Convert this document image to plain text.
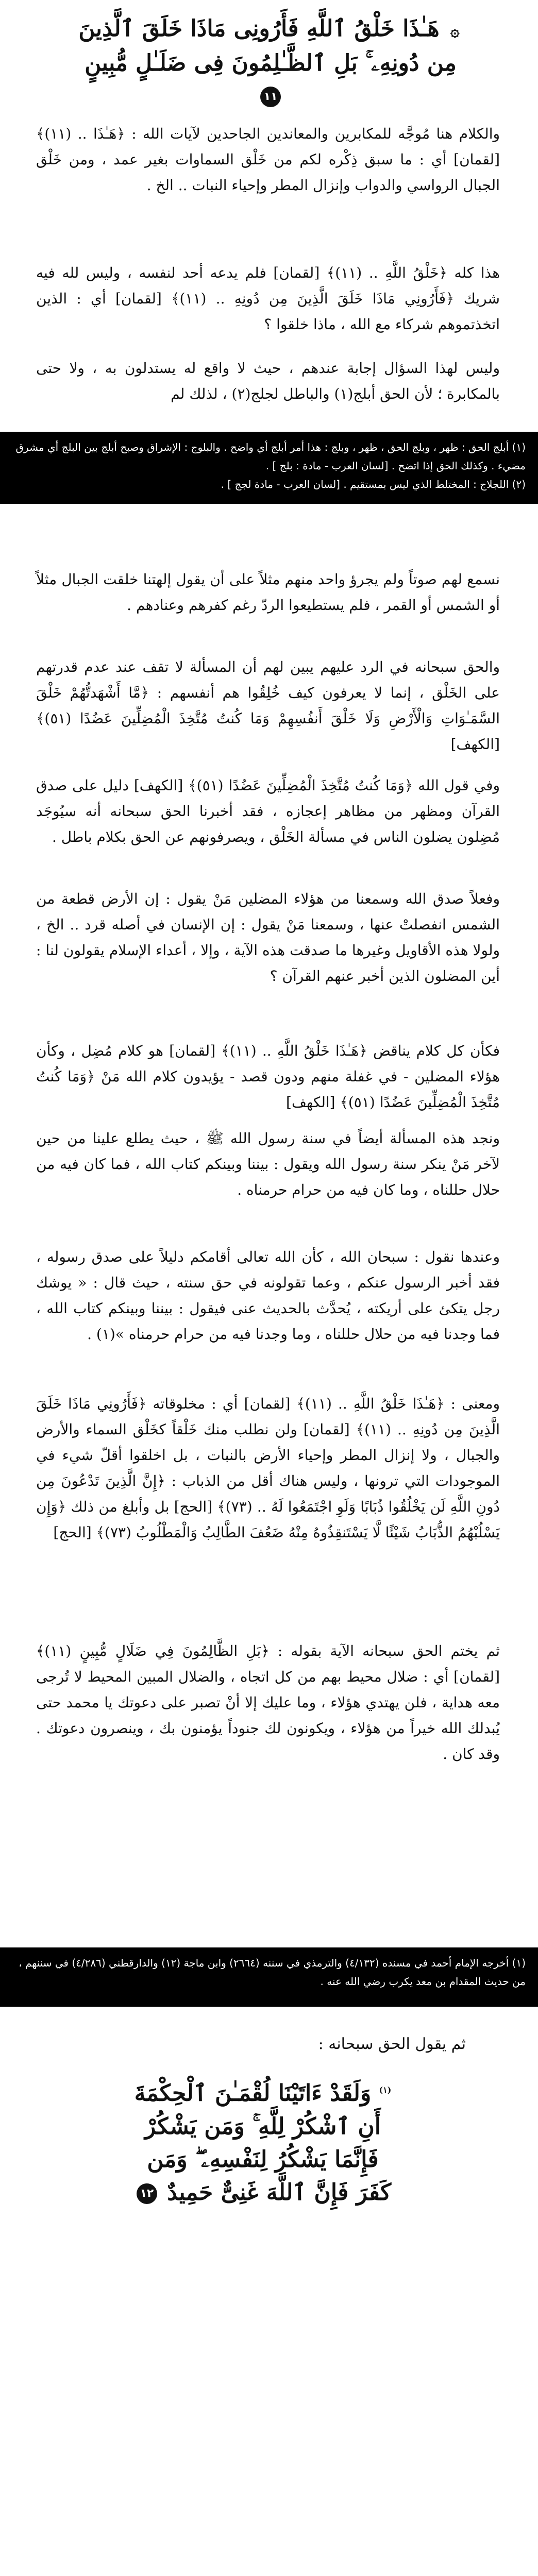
۞ هَـٰذَا خَلْقُ ٱللَّهِ فَأَرُونِى مَاذَا خَلَقَ ٱلَّذِينَ مِن دُونِهِۦ ۚ بَلِ ٱلظَّـٰلِمُونَ فِى ضَلَـٰلٍ مُّبِينٍ ١١
والكلام هنا مُوجَّه للمكابرين والمعاندين الجاحدين لآيات الله : ﴿هَـٰذَا .. (١١)﴾ [لقمان] أي : ما سبق ذِكْره لكم من خَلْق السماوات بغير عمد ، ومن خَلْق الجبال الرواسي والدواب وإنزال المطر وإحياء النبات .. الخ .
هذا كله ﴿خَلْقُ اللَّهِ .. (١١)﴾ [لقمان] فلم يدعه أحد لنفسه ، وليس لله فيه شريك ﴿فَأَرُونِي مَاذَا خَلَقَ الَّذِينَ مِن دُونِهِ .. (١١)﴾ [لقمان] أي : الذين اتخذتموهم شركاء مع الله ، ماذا خلقوا ؟
وليس لهذا السؤال إجابة عندهم ، حيث لا واقع له يستدلون به ، ولا حتى بالمكابرة ؛ لأن الحق أبلج(١) والباطل لجلج(٢) ، لذلك لم
(١) أبلج الحق : ظهر ، وبلج الحق ، ظهر ، وبلج : هذا أمر أبلج أي واضح . والبلوج : الإشراق وصبح أبلج بين البلج أي مشرق مضيء . وكذلك الحق إذا اتضح . [لسان العرب - مادة : بلج ] .
(٢) اللجلاج : المختلط الذي ليس بمستقيم . [لسان العرب - مادة لجج ] .
نسمع لهم صوتاً ولم يجرؤ واحد منهم مثلاً على أن يقول إلهتنا خلقت الجبال مثلاً أو الشمس أو القمر ، فلم يستطيعوا الردّ رغم كفرهم وعنادهم .
والحق سبحانه في الرد عليهم يبين لهم أن المسألة لا تقف عند عدم قدرتهم على الخَلْق ، إنما لا يعرفون كيف خُلِقُوا هم أنفسهم : ﴿مَّا أَشْهَدتُّهُمْ خَلْقَ السَّمَـٰوَاتِ وَالْأَرْضِ وَلَا خَلْقَ أَنفُسِهِمْ وَمَا كُنتُ مُتَّخِذَ الْمُضِلِّينَ عَضُدًا (٥١)﴾ [الكهف]
وفي قول الله ﴿وَمَا كُنتُ مُتَّخِذَ الْمُضِلِّينَ عَضُدًا (٥١)﴾ [الكهف] دليل على صدق القرآن ومظهر من مظاهر إعجازه ، فقد أخبرنا الحق سبحانه أنه سيُوجَد مُضِلون يضلون الناس في مسألة الخَلْق ، ويصرفونهم عن الحق بكلام باطل .
وفعلاً صدق الله وسمعنا من هؤلاء المضلين مَنْ يقول : إن الأرض قطعة من الشمس انفصلتْ عنها ، وسمعنا مَنْ يقول : إن الإنسان في أصله قرد .. الخ ، ولولا هذه الأقاويل وغيرها ما صدقت هذه الآية ، وإلا ، أعداء الإسلام يقولون لنا : أين المضلون الذين أخبر عنهم القرآن ؟
فكأن كل كلام يناقض ﴿هَـٰذَا خَلْقُ اللَّهِ .. (١١)﴾ [لقمان] هو كلام مُضِل ، وكأن هؤلاء المضلين - في غفلة منهم ودون قصد - يؤيدون كلام الله مَنْ ﴿وَمَا كُنتُ مُتَّخِذَ الْمُضِلِّينَ عَضُدًا (٥١)﴾ [الكهف]
ونجد هذه المسألة أيضاً في سنة رسول الله ﷺ ، حيث يطلع علينا من حين لآخر مَنْ ينكر سنة رسول الله ويقول : بيننا وبينكم كتاب الله ، فما كان فيه من حلال حللناه ، وما كان فيه من حرام حرمناه .
وعندها نقول : سبحان الله ، كأن الله تعالى أقامكم دليلاً على صدق رسوله ، فقد أخبر الرسول عنكم ، وعما تقولونه في حق سنته ، حيث قال : « يوشك رجل يتكئ على أريكته ، يُحدَّث بالحديث عنى فيقول : بيننا وبينكم كتاب الله ، فما وجدنا فيه من حلال حللناه ، وما وجدنا فيه من حرام حرمناه »(١) .
ومعنى : ﴿هَـٰذَا خَلْقُ اللَّهِ .. (١١)﴾ [لقمان] أي : مخلوقاته ﴿فَأَرُونِي مَاذَا خَلَقَ الَّذِينَ مِن دُونِهِ .. (١١)﴾ [لقمان] ولن نطلب منك خَلْقاً كخَلْق السماء والأرض والجبال ، ولا إنزال المطر وإحياء الأرض بالنبات ، بل اخلقوا أقلّ شيء في الموجودات التي ترونها ، وليس هناك أقل من الذباب : ﴿إِنَّ الَّذِينَ تَدْعُونَ مِن دُونِ اللَّهِ لَن يَخْلُقُوا ذُبَابًا وَلَوِ اجْتَمَعُوا لَهُ .. (٧٣)﴾ [الحج] بل وأبلغ من ذلك ﴿وَإِن يَسْلُبْهُمُ الذُّبَابُ شَيْئًا لَّا يَسْتَنقِذُوهُ مِنْهُ ضَعُفَ الطَّالِبُ وَالْمَطْلُوبُ (٧٣)﴾ [الحج]
ثم يختم الحق سبحانه الآية بقوله : ﴿بَلِ الظَّالِمُونَ فِي ضَلَالٍ مُّبِينٍ (١١)﴾ [لقمان] أي : ضلال محيط بهم من كل اتجاه ، والضلال المبين المحيط لا تُرجى معه هداية ، فلن يهتدي هؤلاء ، وما عليك إلا أنْ تصبر على دعوتك يا محمد حتى يُبدلك الله خيراً من هؤلاء ، ويكونون لك جنوداً يؤمنون بك ، وينصرون دعوتك . وقد كان .
(١) أخرجه الإمام أحمد في مسنده (٤/١٣٢) والترمذي في سننه (٢٦٦٤) وابن ماجة (١٢) والدارقطني (٤/٢٨٦) في سننهم ، من حديث المقدام بن معد يكرب رضي الله عنه .
ثم يقول الحق سبحانه :
$^{(١)}$ وَلَقَدْ ءَاتَيْنَا لُقْمَـٰنَ ٱلْحِكْمَةَ أَنِ ٱشْكُرْ لِلَّهِ ۚ وَمَن يَشْكُرْ فَإِنَّمَا يَشْكُرُ لِنَفْسِهِۦ ۖ وَمَن كَفَرَ فَإِنَّ ٱللَّهَ غَنِىٌّ حَمِيدٌ ١٢
